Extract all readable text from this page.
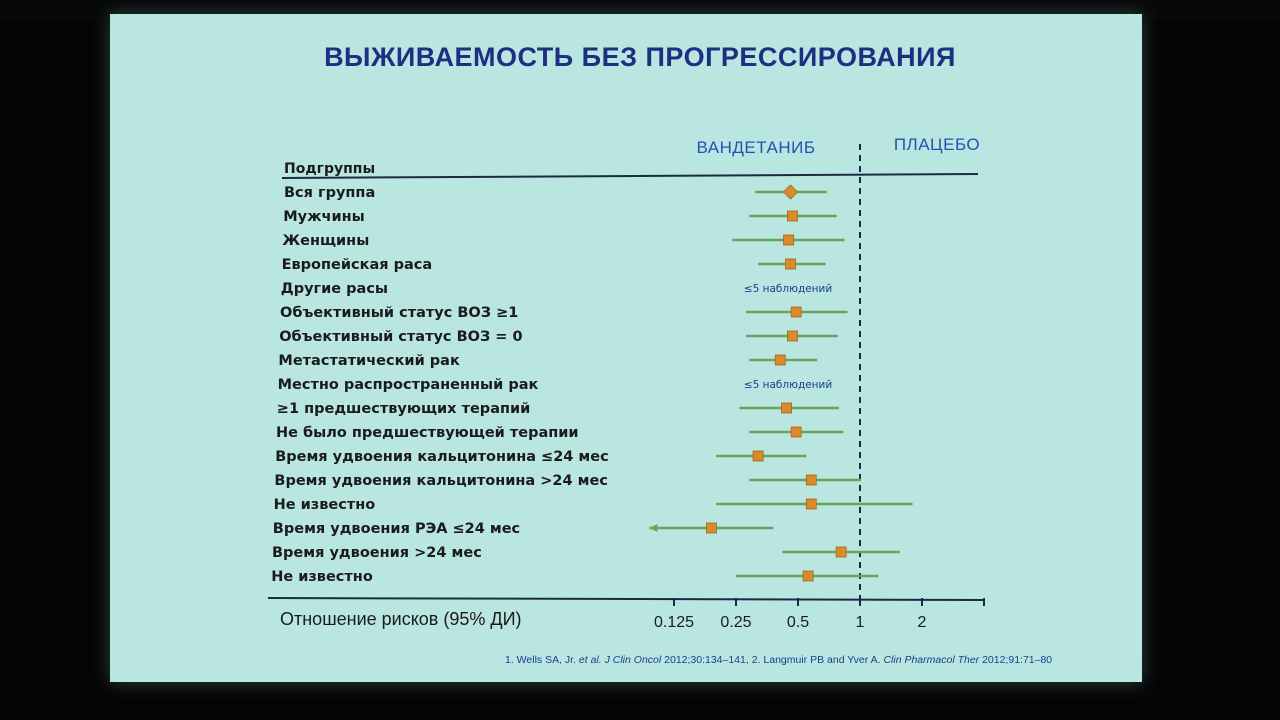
ВЫЖИВАЕМОСТЬ БЕЗ ПРОГРЕССИРОВАНИЯ
Подгруппы
ВАНДЕТАНИБ	ПЛАЦЕБО
Вся группа
Мужчины
Женщины
Европейская раса
Другие расы	≤5 наблюдений
Объективный статус ВОЗ ≥1
Объективный статус ВОЗ = 0
Метастатический рак
Местно распространенный рак	≤5 наблюдений
≥1 предшествующих терапий
Не было предшествующей терапии
Время удвоения кальцитонина ≤24 мес
Время удвоения кальцитонина >24 мес
Не известно
Время удвоения РЭА ≤24 мес
Время удвоения >24 мес
Не известно
Отношение рисков (95% ДИ)	0.125 0.25 0.5	1	2
1. Wells SA, Jr. et al. J Clin Oncol 2012;30:134–141, 2. Langmuir PB and Yver A. Clin Pharmacol Ther 2012;91:71–80
